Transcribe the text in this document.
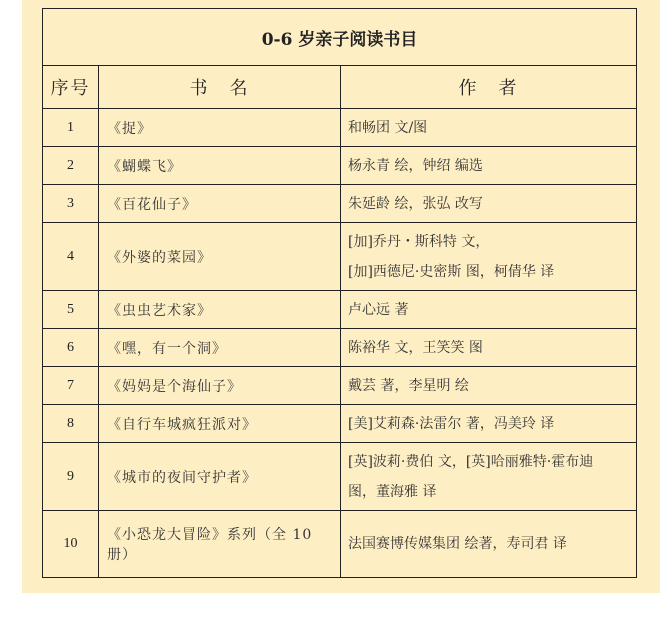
0-6 岁亲子阅读书目		
序号	书　名	作　者
1	《捉》	和畅团 文/图

2	《蝴蝶飞》	杨永青 绘，钟绍 编选

3	《百花仙子》	朱延龄 绘，张弘 改写

4	《外婆的菜园》	[加]乔丹・斯科特 文，
[加]西德尼·史密斯 图，柯倩华 译

5	《虫虫艺术家》	卢心远 著

6	《嘿，有一个洞》	陈裕华 文，王笑笑 图

7	《妈妈是个海仙子》	戴芸 著，李星明 绘

8	《自行车城疯狂派对》	[美]艾莉森·法雷尔 著，冯美玲 译

9	《城市的夜间守护者》	[英]波莉·费伯 文，[英]哈丽雅特·霍布迪
图，董海雅 译

10	《小恐龙大冒险》系列（全 10 册）	法国赛博传媒集团 绘著，寿司君 译
